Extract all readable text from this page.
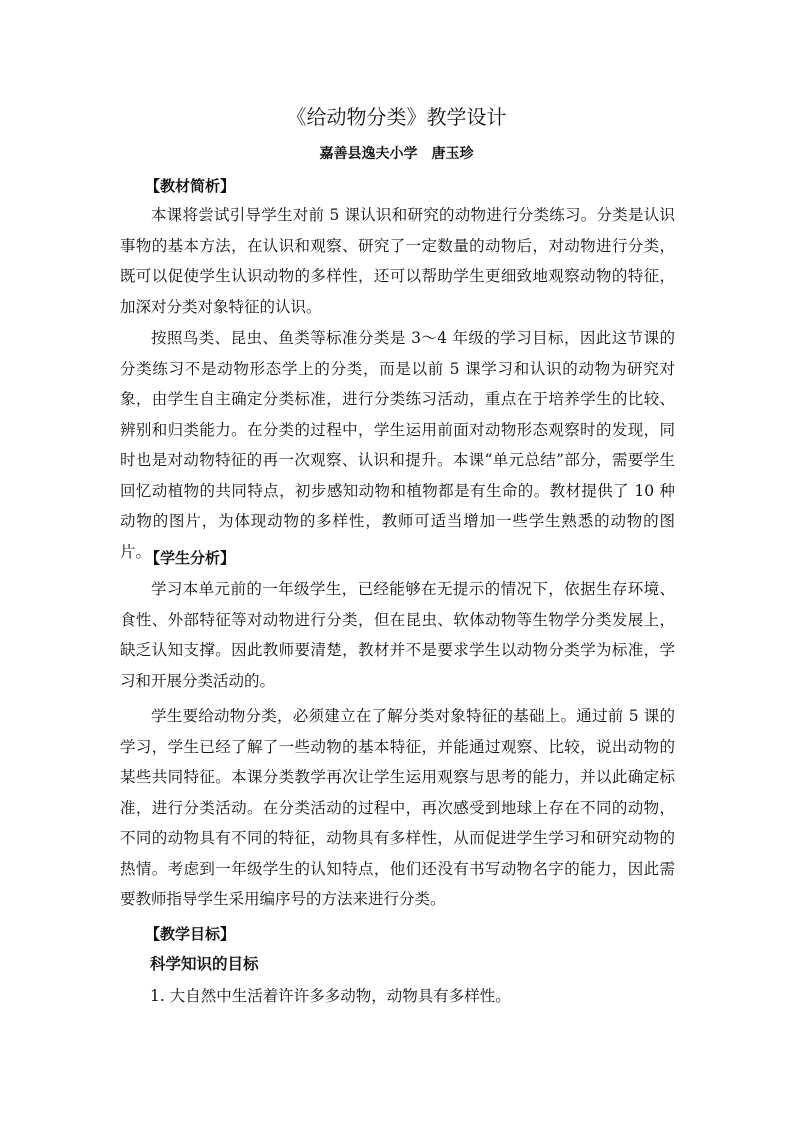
《给动物分类》教学设计
嘉善县逸夫小学　唐玉珍
【教材简析】

本课将尝试引导学生对前 5 课认识和研究的动物进行分类练习。分类是认识事物的基本方法，在认识和观察、研究了一定数量的动物后，对动物进行分类，既可以促使学生认识动物的多样性，还可以帮助学生更细致地观察动物的特征，加深对分类对象特征的认识。

按照鸟类、昆虫、鱼类等标准分类是 3～4 年级的学习目标，因此这节课的分类练习不是动物形态学上的分类，而是以前 5 课学习和认识的动物为研究对象，由学生自主确定分类标准，进行分类练习活动，重点在于培养学生的比较、辨别和归类能力。在分类的过程中，学生运用前面对动物形态观察时的发现，同时也是对动物特征的再一次观察、认识和提升。本课“单元总结”部分，需要学生回忆动植物的共同特点，初步感知动物和植物都是有生命的。教材提供了 10 种动物的图片，为体现动物的多样性，教师可适当增加一些学生熟悉的动物的图片。

【学生分析】

学习本单元前的一年级学生，已经能够在无提示的情况下，依据生存环境、食性、外部特征等对动物进行分类，但在昆虫、软体动物等生物学分类发展上，缺乏认知支撑。因此教师要清楚，教材并不是要求学生以动物分类学为标准，学习和开展分类活动的。

学生要给动物分类，必须建立在了解分类对象特征的基础上。通过前 5 课的学习，学生已经了解了一些动物的基本特征，并能通过观察、比较，说出动物的某些共同特征。本课分类教学再次让学生运用观察与思考的能力，并以此确定标准，进行分类活动。在分类活动的过程中，再次感受到地球上存在不同的动物，不同的动物具有不同的特征，动物具有多样性，从而促进学生学习和研究动物的热情。考虑到一年级学生的认知特点，他们还没有书写动物名字的能力，因此需要教师指导学生采用编序号的方法来进行分类。

【教学目标】
科学知识的目标
1. 大自然中生活着许许多多动物，动物具有多样性。
